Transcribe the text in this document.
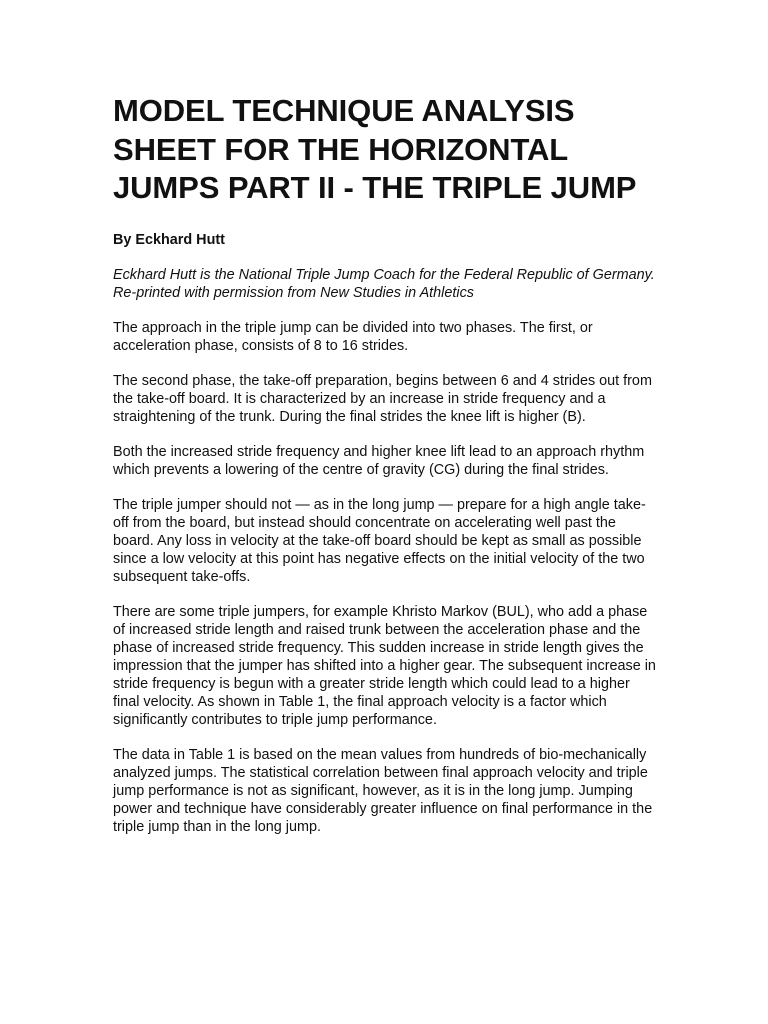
MODEL TECHNIQUE ANALYSIS SHEET FOR THE HORIZONTAL JUMPS PART II - THE TRIPLE JUMP

By Eckhard Hutt

Eckhard Hutt is the National Triple Jump Coach for the Federal Republic of Germany. Re-printed with permission from New Studies in Athletics

The approach in the triple jump can be divided into two phases. The first, or acceleration phase, consists of 8 to 16 strides.

The second phase, the take-off preparation, begins between 6 and 4 strides out from the take-off board. It is characterized by an increase in stride frequency and a straightening of the trunk. During the final strides the knee lift is higher (B).

Both the increased stride frequency and higher knee lift lead to an approach rhythm which prevents a lowering of the centre of gravity (CG) during the final strides.

The triple jumper should not — as in the long jump — prepare for a high angle take-off from the board, but instead should concentrate on accelerating well past the board. Any loss in velocity at the take-off board should be kept as small as possible since a low velocity at this point has negative effects on the initial velocity of the two subsequent take-offs.

There are some triple jumpers, for example Khristo Markov (BUL), who add a phase of increased stride length and raised trunk between the acceleration phase and the phase of increased stride frequency. This sudden increase in stride length gives the impression that the jumper has shifted into a higher gear. The subsequent increase in stride frequency is begun with a greater stride length which could lead to a higher final velocity. As shown in Table 1, the final approach velocity is a factor which significantly contributes to triple jump performance.

The data in Table 1 is based on the mean values from hundreds of bio-mechanically analyzed jumps. The statistical correlation between final approach velocity and triple jump performance is not as significant, however, as it is in the long jump. Jumping power and technique have considerably greater influence on final performance in the triple jump than in the long jump.
